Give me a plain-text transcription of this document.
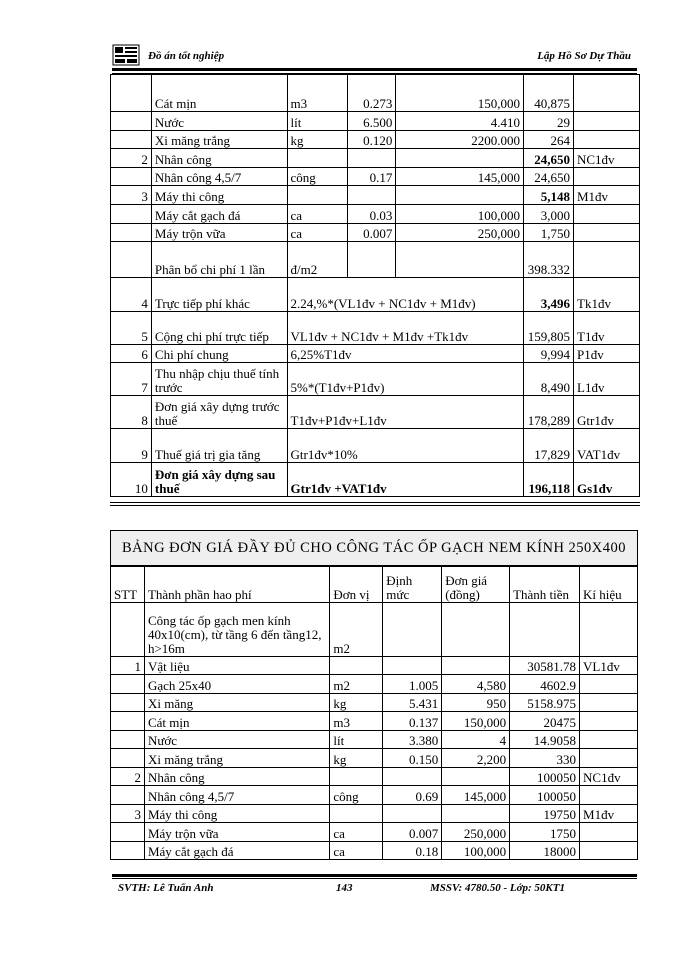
Đồ án tốt nghiệp	Lập Hồ Sơ Dự Thầu
	Cát mịn	m3	0.273	150,000	40,875	
	Nước	lít	6.500	4.410	29	
	Xi măng trắng	kg	0.120	2200.000	264	
2	Nhân công				24,650	NC1đv
	Nhân công 4,5/7	công	0.17	145,000	24,650	
3	Máy thi công				5,148	M1đv
	Máy cắt gạch đá	ca	0.03	100,000	3,000	
	Máy trộn vữa	ca	0.007	250,000	1,750	
	Phân bổ chi phí 1 lần	đ/m2			398.332	
4	Trực tiếp phí khác	2.24,%*(VL1đv + NC1đv + M1đv)			3,496	Tk1đv
5	Cộng chi phí trực tiếp	VL1đv + NC1đv + M1đv +Tk1đv			159,805	T1đv
6	Chi phí chung	6,25%T1đv			9,994	P1đv
7	Thu nhập chịu thuế tính trước	5%*(T1đv+P1đv)			8,490	L1đv
8	Đơn giá xây dựng trước thuế	T1đv+P1đv+L1đv			178,289	Gtr1đv
9	Thuế giá trị gia tăng	Gtr1đv*10%			17,829	VAT1đv
10	Đơn giá xây dựng sau thuế	Gtr1đv +VAT1đv			196,118	Gs1đv
BẢNG ĐƠN GIÁ ĐẦY ĐỦ CHO CÔNG TÁC ỐP GẠCH NEM KÍNH 250X400
STT	Thành phần hao phí	Đơn vị	Định mức	Đơn giá (đồng)	Thành tiền	Kí hiệu
	Công tác ốp gạch men kính 40x10(cm), từ tầng 6 đến tầng12, h>16m	m2				
1	Vật liệu				30581.78	VL1đv
	Gạch 25x40	m2	1.005	4,580	4602.9	
	Xi măng	kg	5.431	950	5158.975	
	Cát mịn	m3	0.137	150,000	20475	
	Nước	lít	3.380	4	14.9058	
	Xi măng trắng	kg	0.150	2,200	330	
2	Nhân công				100050	NC1đv
	Nhân công 4,5/7	công	0.69	145,000	100050	
3	Máy thi công				19750	M1đv
	Máy trộn vữa	ca	0.007	250,000	1750	
	Máy cắt gạch đá	ca	0.18	100,000	18000	
SVTH: Lê Tuấn Anh	143	MSSV: 4780.50 - Lớp: 50KT1
